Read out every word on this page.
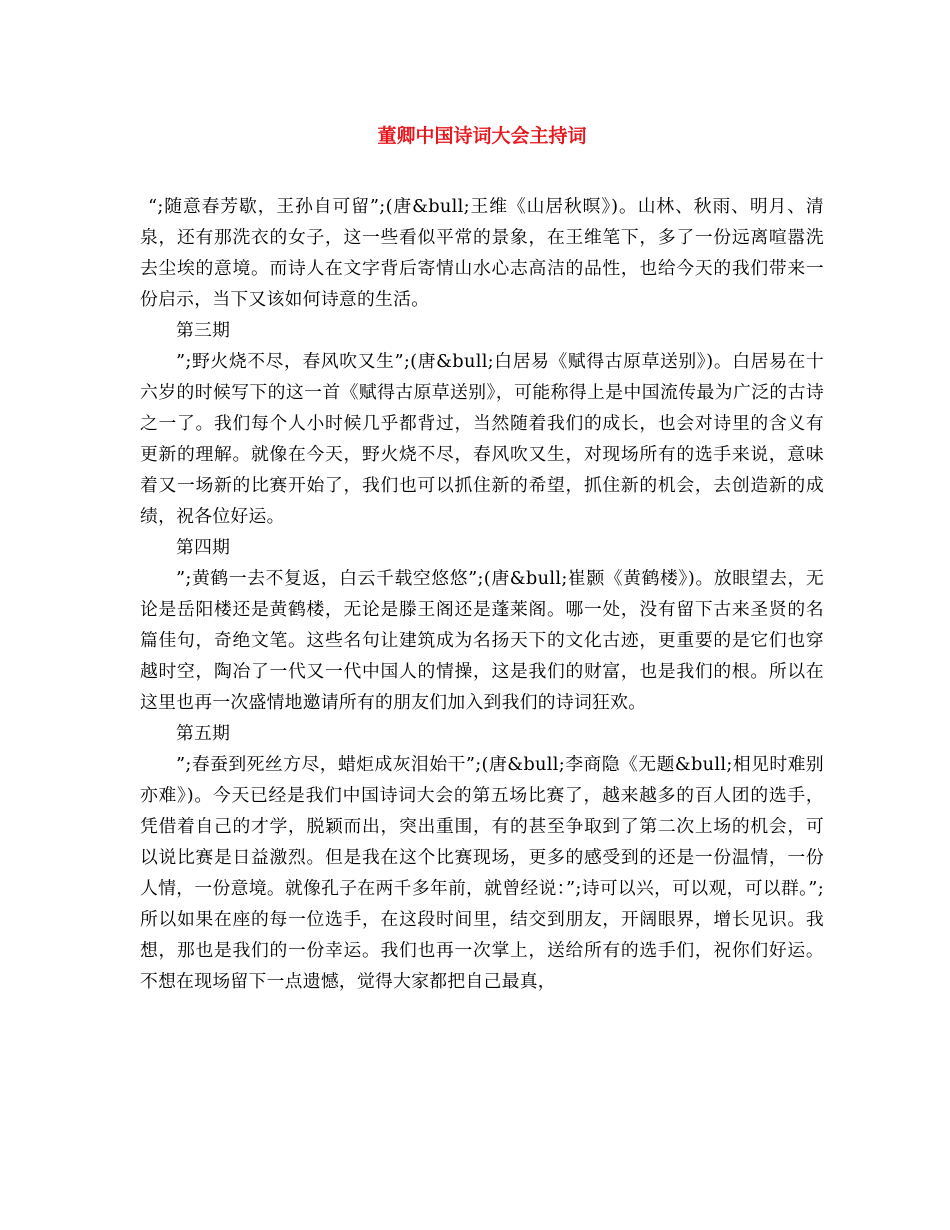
董卿中国诗词大会主持词

“;随意春芳歇，王孙自可留”;(唐&bull;王维《山居秋暝》)。山林、秋雨、明月、清泉，还有那洗衣的女子，这一些看似平常的景象，在王维笔下，多了一份远离喧嚣洗去尘埃的意境。而诗人在文字背后寄情山水心志高洁的品性，也给今天的我们带来一份启示，当下又该如何诗意的生活。

第三期

”;野火烧不尽，春风吹又生”;(唐&bull;白居易《赋得古原草送别》)。白居易在十六岁的时候写下的这一首《赋得古原草送别》，可能称得上是中国流传最为广泛的古诗之一了。我们每个人小时候几乎都背过，当然随着我们的成长，也会对诗里的含义有更新的理解。就像在今天，野火烧不尽，春风吹又生，对现场所有的选手来说，意味着又一场新的比赛开始了，我们也可以抓住新的希望，抓住新的机会，去创造新的成绩，祝各位好运。

第四期

”;黄鹤一去不复返，白云千载空悠悠”;(唐&bull;崔颢《黄鹤楼》)。放眼望去，无论是岳阳楼还是黄鹤楼，无论是滕王阁还是蓬莱阁。哪一处，没有留下古来圣贤的名篇佳句，奇绝文笔。这些名句让建筑成为名扬天下的文化古迹，更重要的是它们也穿越时空，陶冶了一代又一代中国人的情操，这是我们的财富，也是我们的根。所以在这里也再一次盛情地邀请所有的朋友们加入到我们的诗词狂欢。

第五期

”;春蚕到死丝方尽，蜡炬成灰泪始干”;(唐&bull;李商隐《无题&bull;相见时难别亦难》)。今天已经是我们中国诗词大会的第五场比赛了，越来越多的百人团的选手，凭借着自己的才学，脱颖而出，突出重围，有的甚至争取到了第二次上场的机会，可以说比赛是日益激烈。但是我在这个比赛现场，更多的感受到的还是一份温情，一份人情，一份意境。就像孔子在两千多年前，就曾经说：”;诗可以兴，可以观，可以群。”;所以如果在座的每一位选手，在这段时间里，结交到朋友，开阔眼界，增长见识。我想，那也是我们的一份幸运。我们也再一次掌上，送给所有的选手们，祝你们好运。不想在现场留下一点遗憾，觉得大家都把自己最真，
